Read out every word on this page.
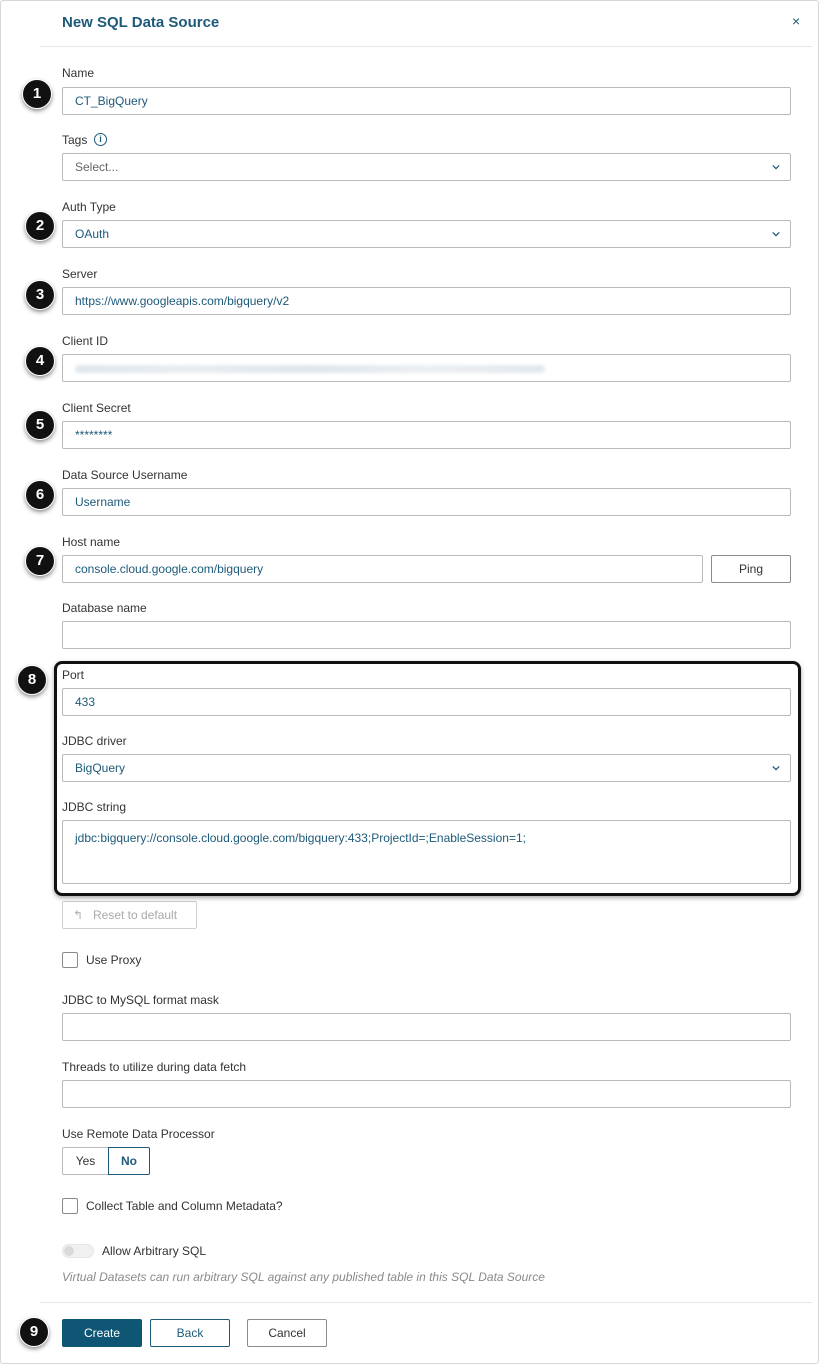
New SQL Data Source	×
Name
CT_BigQuery
Tags	i
Select...
Auth Type
OAuth
Server
https://www.googleapis.com/bigquery/v2
Client ID
Client Secret
********
Data Source Username
Username
Host name
console.cloud.google.com/bigquery	Ping
Database name
Port
433
JDBC driver
BigQuery
JDBC string
jdbc:bigquery://console.cloud.google.com/bigquery:433;ProjectId=;EnableSession=1;
↰ Reset to default
Use Proxy
JDBC to MySQL format mask
Threads to utilize during data fetch
Use Remote Data Processor
Yes	No
Collect Table and Column Metadata?
Allow Arbitrary SQL
Virtual Datasets can run arbitrary SQL against any published table in this SQL Data Source
Create	Back	Cancel
1
2
3
4
5
6
7
8
9
